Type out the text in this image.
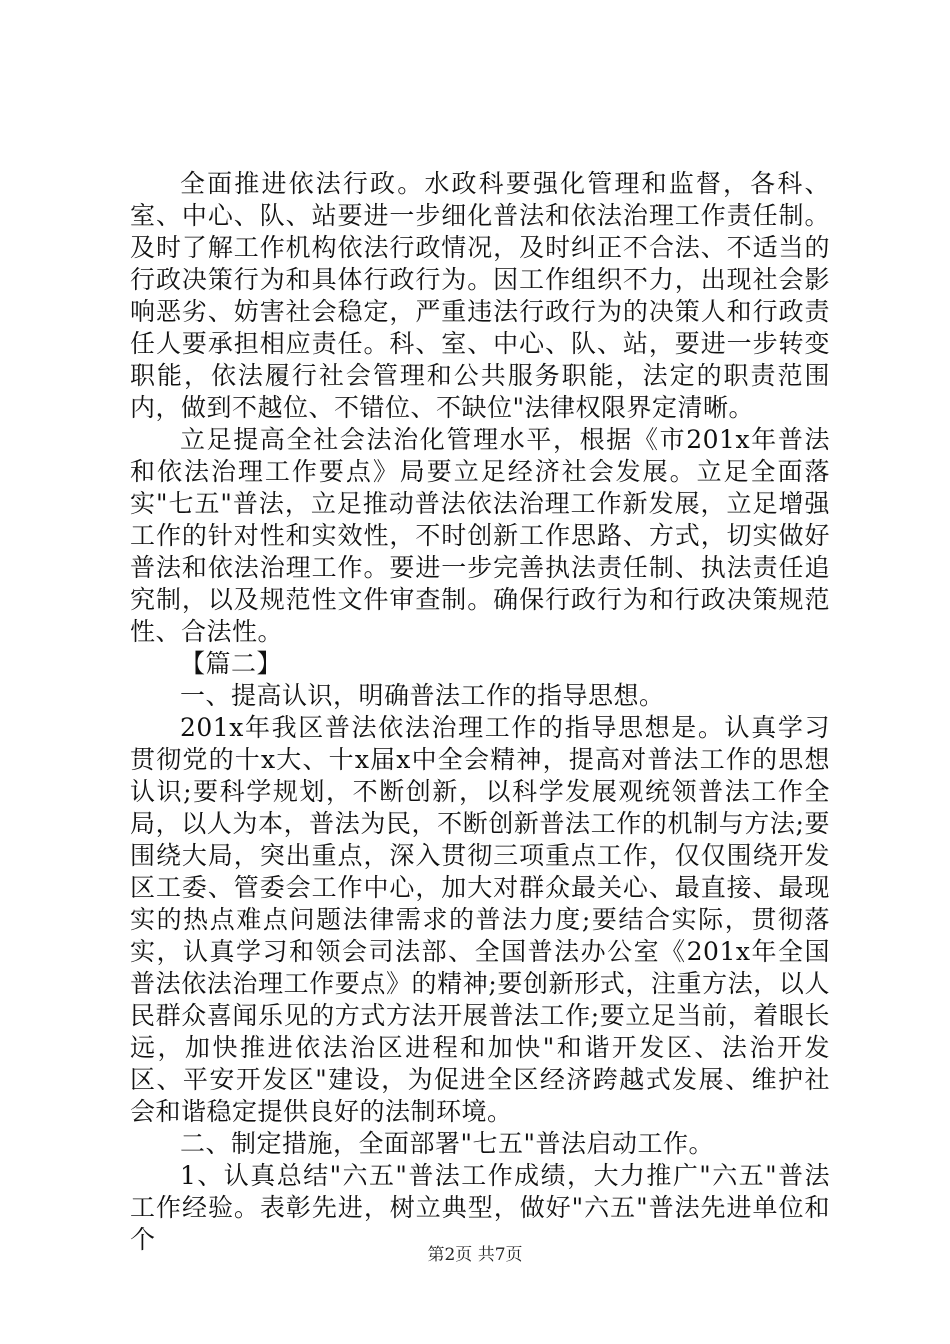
全面推进依法行政。水政科要强化管理和监督，各科、室、中心、队、站要进一步细化普法和依法治理工作责任制。及时了解工作机构依法行政情况，及时纠正不合法、不适当的行政决策行为和具体行政行为。因工作组织不力，出现社会影响恶劣、妨害社会稳定，严重违法行政行为的决策人和行政责任人要承担相应责任。科、室、中心、队、站，要进一步转变职能，依法履行社会管理和公共服务职能，法定的职责范围内，做到不越位、不错位、不缺位"法律权限界定清晰。

立足提高全社会法治化管理水平，根据《市201x年普法和依法治理工作要点》局要立足经济社会发展。立足全面落实"七五"普法，立足推动普法依法治理工作新发展，立足增强工作的针对性和实效性，不时创新工作思路、方式，切实做好普法和依法治理工作。要进一步完善执法责任制、执法责任追究制，以及规范性文件审查制。确保行政行为和行政决策规范性、合法性。

【篇二】

一、提高认识，明确普法工作的指导思想。

201x年我区普法依法治理工作的指导思想是。认真学习贯彻党的十x大、十x届x中全会精神，提高对普法工作的思想认识;要科学规划，不断创新，以科学发展观统领普法工作全局，以人为本，普法为民，不断创新普法工作的机制与方法;要围绕大局，突出重点，深入贯彻三项重点工作，仅仅围绕开发区工委、管委会工作中心，加大对群众最关心、最直接、最现实的热点难点问题法律需求的普法力度;要结合实际，贯彻落实，认真学习和领会司法部、全国普法办公室《201x年全国普法依法治理工作要点》的精神;要创新形式，注重方法，以人民群众喜闻乐见的方式方法开展普法工作;要立足当前，着眼长远，加快推进依法治区进程和加快"和谐开发区、法治开发区、平安开发区"建设，为促进全区经济跨越式发展、维护社会和谐稳定提供良好的法制环境。

二、制定措施，全面部署"七五"普法启动工作。

1、认真总结"六五"普法工作成绩，大力推广"六五"普法工作经验。表彰先进，树立典型，做好"六五"普法先进单位和个

第2页 共7页
